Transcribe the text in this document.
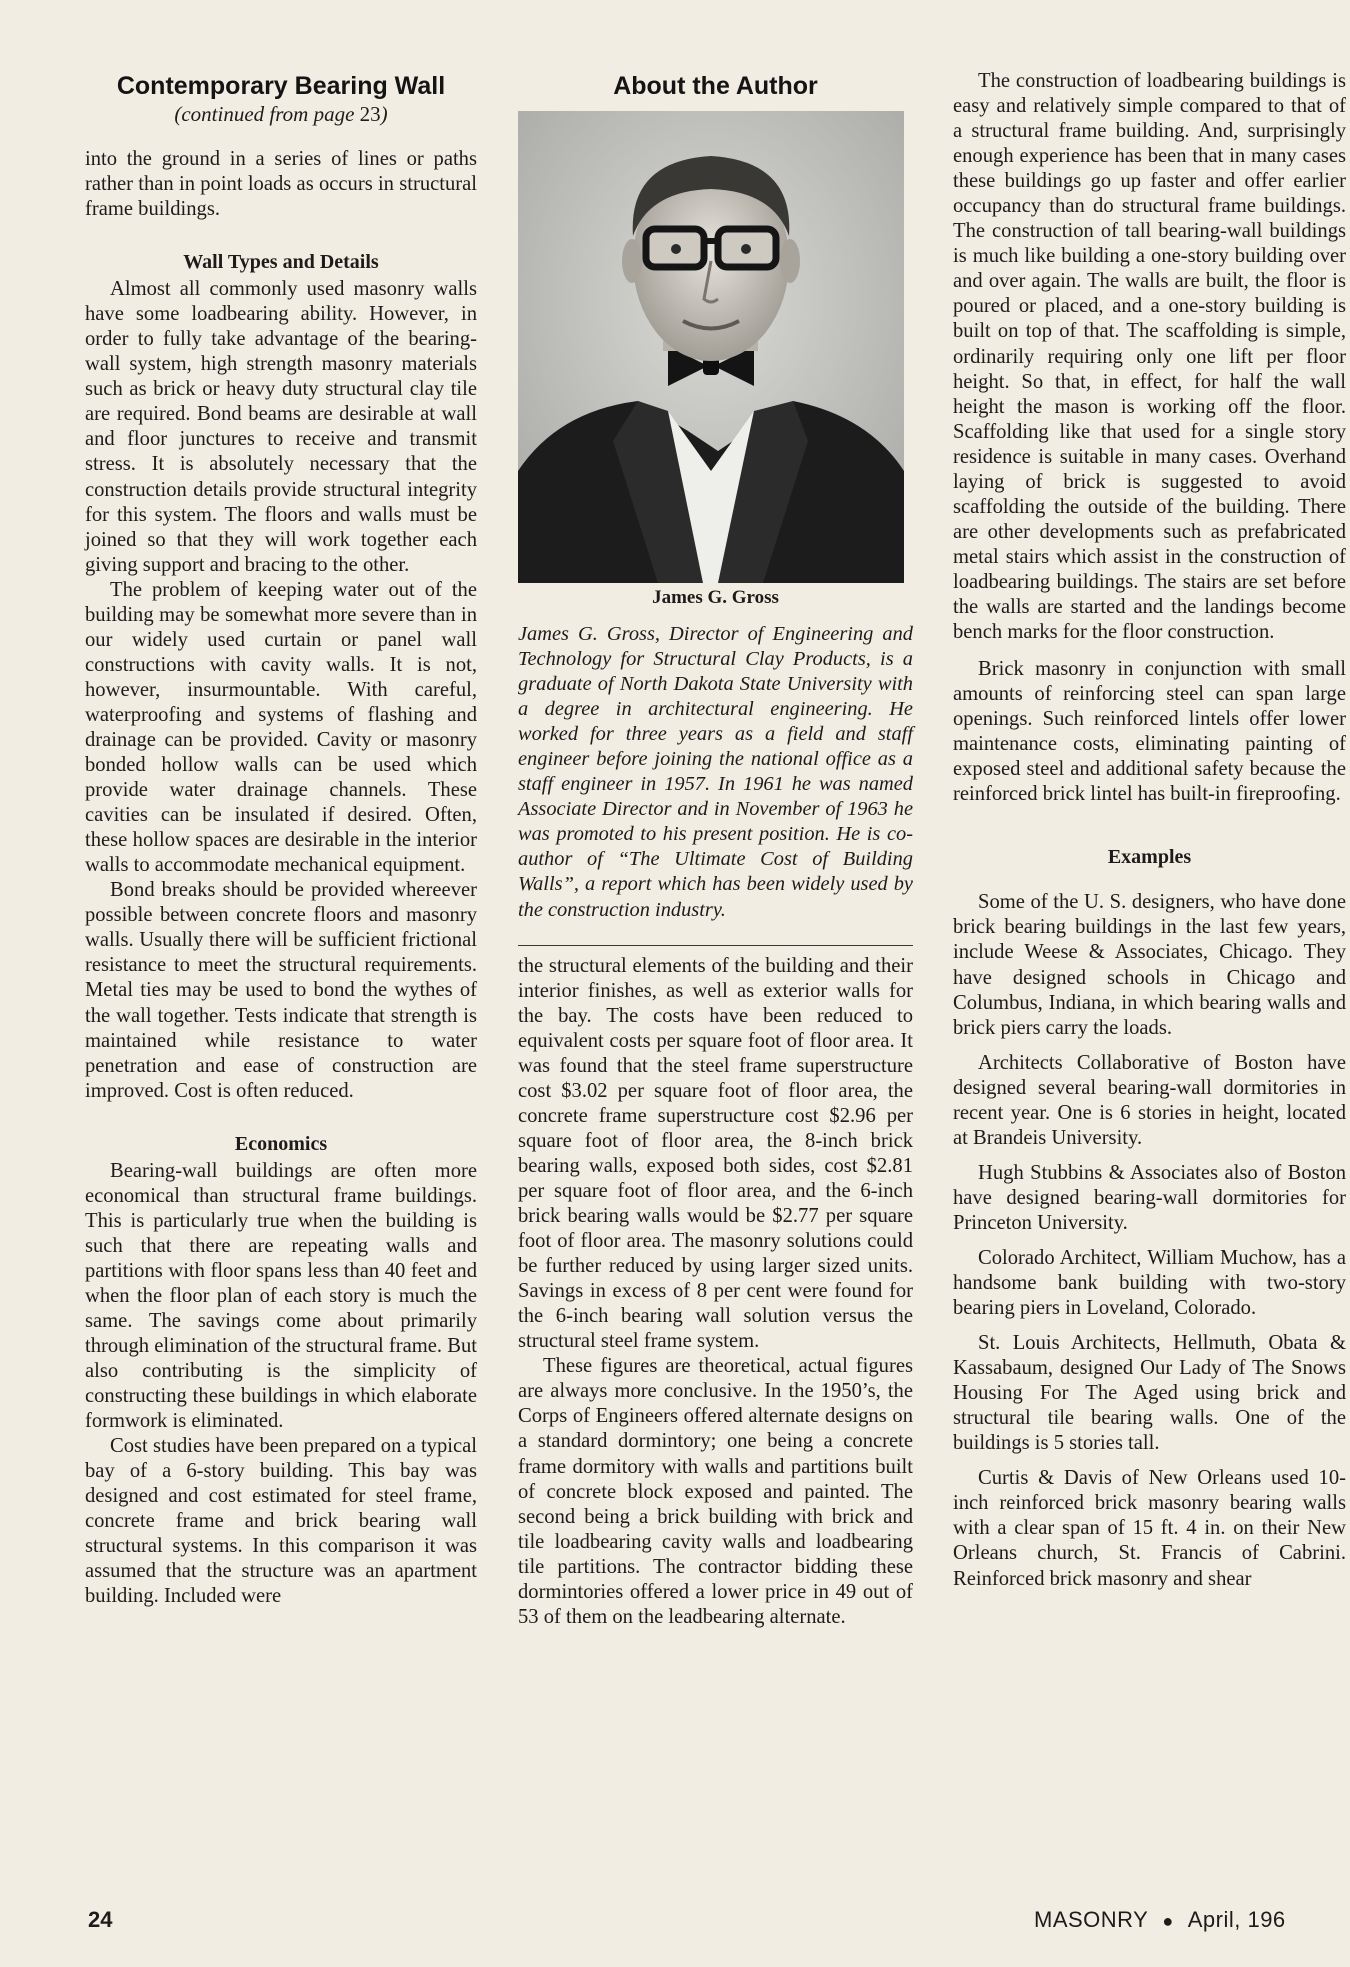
Contemporary Bearing Wall
(continued from page 23)

into the ground in a series of lines or paths rather than in point loads as occurs in structural frame buildings.

Wall Types and Details

Almost all commonly used masonry walls have some loadbearing ability. However, in order to fully take advantage of the bearing-wall system, high strength masonry materials such as brick or heavy duty structural clay tile are required. Bond beams are desirable at wall and floor junctures to receive and transmit stress. It is absolutely necessary that the construction details provide structural integrity for this system. The floors and walls must be joined so that they will work together each giving support and bracing to the other.

The problem of keeping water out of the building may be somewhat more severe than in our widely used curtain or panel wall constructions with cavity walls. It is not, however, insurmountable. With careful, waterproofing and systems of flashing and drainage can be provided. Cavity or masonry bonded hollow walls can be used which provide water drainage channels. These cavities can be insulated if desired. Often, these hollow spaces are desirable in the interior walls to accommodate mechanical equipment.

Bond breaks should be provided whereever possible between concrete floors and masonry walls. Usually there will be sufficient frictional resistance to meet the structural requirements. Metal ties may be used to bond the wythes of the wall together. Tests indicate that strength is maintained while resistance to water penetration and ease of construction are improved. Cost is often reduced.

Economics

Bearing-wall buildings are often more economical than structural frame buildings. This is particularly true when the building is such that there are repeating walls and partitions with floor spans less than 40 feet and when the floor plan of each story is much the same. The savings come about primarily through elimination of the structural frame. But also contributing is the simplicity of constructing these buildings in which elaborate formwork is eliminated.

Cost studies have been prepared on a typical bay of a 6-story building. This bay was designed and cost estimated for steel frame, concrete frame and brick bearing wall structural systems. In this comparison it was assumed that the structure was an apartment building. Included were

About the Author
James G. Gross

James G. Gross, Director of Engineering and Technology for Structural Clay Products, is a graduate of North Dakota State University with a degree in architectural engineering. He worked for three years as a field and staff engineer before joining the national office as a staff engineer in 1957. In 1961 he was named Associate Director and in November of 1963 he was promoted to his present position. He is co-author of “The Ultimate Cost of Building Walls”, a report which has been widely used by the construction industry.

the structural elements of the building and their interior finishes, as well as exterior walls for the bay. The costs have been reduced to equivalent costs per square foot of floor area. It was found that the steel frame superstructure cost $3.02 per square foot of floor area, the concrete frame superstructure cost $2.96 per square foot of floor area, the 8-inch brick bearing walls, exposed both sides, cost $2.81 per square foot of floor area, and the 6-inch brick bearing walls would be $2.77 per square foot of floor area. The masonry solutions could be further reduced by using larger sized units. Savings in excess of 8 per cent were found for the 6-inch bearing wall solution versus the structural steel frame system.

These figures are theoretical, actual figures are always more conclusive. In the 1950’s, the Corps of Engineers offered alternate designs on a standard dormintory; one being a concrete frame dormitory with walls and partitions built of concrete block exposed and painted. The second being a brick building with brick and tile loadbearing cavity walls and loadbearing tile partitions. The contractor bidding these dormintories offered a lower price in 49 out of 53 of them on the leadbearing alternate.

The construction of loadbearing buildings is easy and relatively simple compared to that of a structural frame building. And, surprisingly enough experience has been that in many cases these buildings go up faster and offer earlier occupancy than do structural frame buildings. The construction of tall bearing-wall buildings is much like building a one-story building over and over again. The walls are built, the floor is poured or placed, and a one-story building is built on top of that. The scaffolding is simple, ordinarily requiring only one lift per floor height. So that, in effect, for half the wall height the mason is working off the floor. Scaffolding like that used for a single story residence is suitable in many cases. Overhand laying of brick is suggested to avoid scaffolding the outside of the building. There are other developments such as prefabricated metal stairs which assist in the construction of loadbearing buildings. The stairs are set before the walls are started and the landings become bench marks for the floor construction.

Brick masonry in conjunction with small amounts of reinforcing steel can span large openings. Such reinforced lintels offer lower maintenance costs, eliminating painting of exposed steel and additional safety because the reinforced brick lintel has built-in fireproofing.

Examples

Some of the U. S. designers, who have done brick bearing buildings in the last few years, include Weese & Associates, Chicago. They have designed schools in Chicago and Columbus, Indiana, in which bearing walls and brick piers carry the loads.

Architects Collaborative of Boston have designed several bearing-wall dormitories in recent year. One is 6 stories in height, located at Brandeis University.

Hugh Stubbins & Associates also of Boston have designed bearing-wall dormitories for Princeton University.

Colorado Architect, William Muchow, has a handsome bank building with two-story bearing piers in Loveland, Colorado.

St. Louis Architects, Hellmuth, Obata & Kassabaum, designed Our Lady of The Snows Housing For The Aged using brick and structural tile bearing walls. One of the buildings is 5 stories tall.

Curtis & Davis of New Orleans used 10-inch reinforced brick masonry bearing walls with a clear span of 15 ft. 4 in. on their New Orleans church, St. Francis of Cabrini. Reinforced brick masonry and shear

24	MASONRY ● April, 196
